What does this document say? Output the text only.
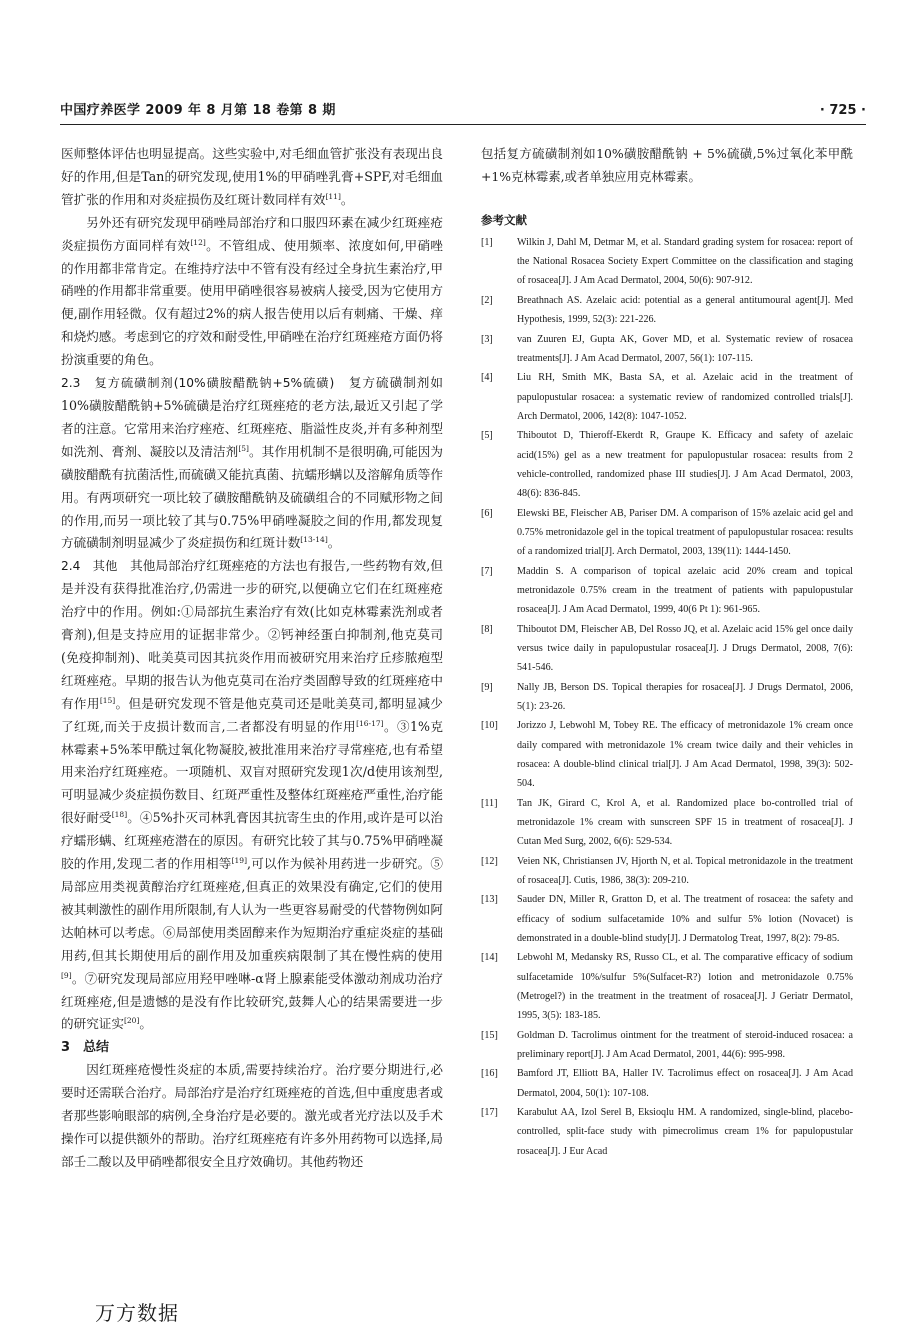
中国疗养医学 2009 年 8 月第 18 卷第 8 期	· 725 ·

医师整体评估也明显提高。这些实验中,对毛细血管扩张没有表现出良好的作用,但是Tan的研究发现,使用1%的甲硝唑乳膏+SPF,对毛细血管扩张的作用和对炎症损伤及红斑计数同样有效[11]。

另外还有研究发现甲硝唑局部治疗和口服四环素在减少红斑痤疮炎症损伤方面同样有效[12]。不管组成、使用频率、浓度如何,甲硝唑的作用都非常肯定。在维持疗法中不管有没有经过全身抗生素治疗,甲硝唑的作用都非常重要。使用甲硝唑很容易被病人接受,因为它使用方便,副作用轻微。仅有超过2%的病人报告使用以后有刺痛、干燥、痒和烧灼感。考虑到它的疗效和耐受性,甲硝唑在治疗红斑痤疮方面仍将扮演重要的角色。

2.3　复方硫磺制剂(10%磺胺醋酰钠+5%硫磺)　复方硫磺制剂如10%磺胺醋酰钠+5%硫磺是治疗红斑痤疮的老方法,最近又引起了学者的注意。它常用来治疗痤疮、红斑痤疮、脂溢性皮炎,并有多种剂型如洗剂、膏剂、凝胶以及清洁剂[5]。其作用机制不是很明确,可能因为磺胺醋酰有抗菌活性,而硫磺又能抗真菌、抗蠕形螨以及溶解角质等作用。有两项研究一项比较了磺胺醋酰钠及硫磺组合的不同赋形物之间的作用,而另一项比较了其与0.75%甲硝唑凝胶之间的作用,都发现复方硫磺制剂明显减少了炎症损伤和红斑计数[13-14]。

2.4　其他　其他局部治疗红斑痤疮的方法也有报告,一些药物有效,但是并没有获得批准治疗,仍需进一步的研究,以便确立它们在红斑痤疮治疗中的作用。例如:①局部抗生素治疗有效(比如克林霉素洗剂或者膏剂),但是支持应用的证据非常少。②钙神经蛋白抑制剂,他克莫司(免疫抑制剂)、吡美莫司因其抗炎作用而被研究用来治疗丘疹脓疱型红斑痤疮。早期的报告认为他克莫司在治疗类固醇导致的红斑痤疮中有作用[15]。但是研究发现不管是他克莫司还是吡美莫司,都明显减少了红斑,而关于皮损计数而言,二者都没有明显的作用[16-17]。③1%克林霉素+5%苯甲酰过氧化物凝胶,被批准用来治疗寻常痤疮,也有希望用来治疗红斑痤疮。一项随机、双盲对照研究发现1次/d使用该剂型,可明显减少炎症损伤数目、红斑严重性及整体红斑痤疮严重性,治疗能很好耐受[18]。④5%扑灭司林乳膏因其抗寄生虫的作用,或许是可以治疗蠕形螨、红斑痤疮潜在的原因。有研究比较了其与0.75%甲硝唑凝胶的作用,发现二者的作用相等[19],可以作为候补用药进一步研究。⑤局部应用类视黄醇治疗红斑痤疮,但真正的效果没有确定,它们的使用被其刺激性的副作用所限制,有人认为一些更容易耐受的代替物例如阿达帕林可以考虑。⑥局部使用类固醇来作为短期治疗重症炎症的基础用药,但其长期使用后的副作用及加重疾病限制了其在慢性病的使用[9]。⑦研究发现局部应用羟甲唑啉-α肾上腺素能受体激动剂成功治疗红斑痤疮,但是遗憾的是没有作比较研究,鼓舞人心的结果需要进一步的研究证实[20]。

3　总结

因红斑痤疮慢性炎症的本质,需要持续治疗。治疗要分期进行,必要时还需联合治疗。局部治疗是治疗红斑痤疮的首选,但中重度患者或者那些影响眼部的病例,全身治疗是必要的。激光或者光疗法以及手术操作可以提供额外的帮助。治疗红斑痤疮有许多外用药物可以选择,局部壬二酸以及甲硝唑都很安全且疗效确切。其他药物还

包括复方硫磺制剂如10%磺胺醋酰钠 + 5%硫磺,5%过氧化苯甲酰+1%克林霉素,或者单独应用克林霉素。

参考文献
[1]	Wilkin J, Dahl M, Detmar M, et al. Standard grading system for rosacea: report of the National Rosacea Society Expert Committee on the classification and staging of rosacea[J]. J Am Acad Dermatol, 2004, 50(6): 907-912.
[2]	Breathnach AS. Azelaic acid: potential as a general antitumoural agent[J]. Med Hypothesis, 1999, 52(3): 221-226.
[3]	van Zuuren EJ, Gupta AK, Gover MD, et al. Systematic review of rosacea treatments[J]. J Am Acad Dermatol, 2007, 56(1): 107-115.
[4]	Liu RH, Smith MK, Basta SA, et al. Azelaic acid in the treatment of papulopustular rosacea: a systematic review of randomized controlled trials[J]. Arch Dermatol, 2006, 142(8): 1047-1052.
[5]	Thiboutot D, Thieroff-Ekerdt R, Graupe K. Efficacy and safety of azelaic acid(15%) gel as a new treatment for papulopustular rosacea: results from 2 vehicle-controlled, randomized phase III studies[J]. J Am Acad Dermatol, 2003, 48(6): 836-845.
[6]	Elewski BE, Fleischer AB, Pariser DM. A comparison of 15% azelaic acid gel and 0.75% metronidazole gel in the topical treatment of papulopustular rosacea: results of a randomized trial[J]. Arch Dermatol, 2003, 139(11): 1444-1450.
[7]	Maddin S. A comparison of topical azelaic acid 20% cream and topical metronidazole 0.75% cream in the treatment of patients with papulopustular rosacea[J]. J Am Acad Dermatol, 1999, 40(6 Pt 1): 961-965.
[8]	Thiboutot DM, Fleischer AB, Del Rosso JQ, et al. Azelaic acid 15% gel once daily versus twice daily in papulopustular rosacea[J]. J Drugs Dermatol, 2008, 7(6): 541-546.
[9]	Nally JB, Berson DS. Topical therapies for rosacea[J]. J Drugs Dermatol, 2006, 5(1): 23-26.
[10]	Jorizzo J, Lebwohl M, Tobey RE. The efficacy of metronidazole 1% cream once daily compared with metronidazole 1% cream twice daily and their vehicles in rosacea: A double-blind clinical trial[J]. J Am Acad Dermatol, 1998, 39(3): 502-504.
[11]	Tan JK, Girard C, Krol A, et al. Randomized place bo-controlled trial of metronidazole 1% cream with sunscreen SPF 15 in treatment of rosacea[J]. J Cutan Med Surg, 2002, 6(6): 529-534.
[12]	Veien NK, Christiansen JV, Hjorth N, et al. Topical metronidazole in the treatment of rosacea[J]. Cutis, 1986, 38(3): 209-210.
[13]	Sauder DN, Miller R, Gratton D, et al. The treatment of rosacea: the safety and efficacy of sodium sulfacetamide 10% and sulfur 5% lotion (Novacet) is demonstrated in a double-blind study[J]. J Dermatolog Treat, 1997, 8(2): 79-85.
[14]	Lebwohl M, Medansky RS, Russo CL, et al. The comparative efficacy of sodium sulfacetamide 10%/sulfur 5%(Sulfacet-R?) lotion and metronidazole 0.75% (Metrogel?) in the treatment in the treatment of rosacea[J]. J Geriatr Dermatol, 1995, 3(5): 183-185.
[15]	Goldman D. Tacrolimus ointment for the treatment of steroid-induced rosacea: a preliminary report[J]. J Am Acad Dermatol, 2001, 44(6): 995-998.
[16]	Bamford JT, Elliott BA, Haller IV. Tacrolimus effect on rosacea[J]. J Am Acad Dermatol, 2004, 50(1): 107-108.
[17]	Karabulut AA, Izol Serel B, Eksioqlu HM. A randomized, single-blind, placebo-controlled, split-face study with pimecrolimus cream 1% for papulopustular rosacea[J]. J Eur Acad
万方数据
